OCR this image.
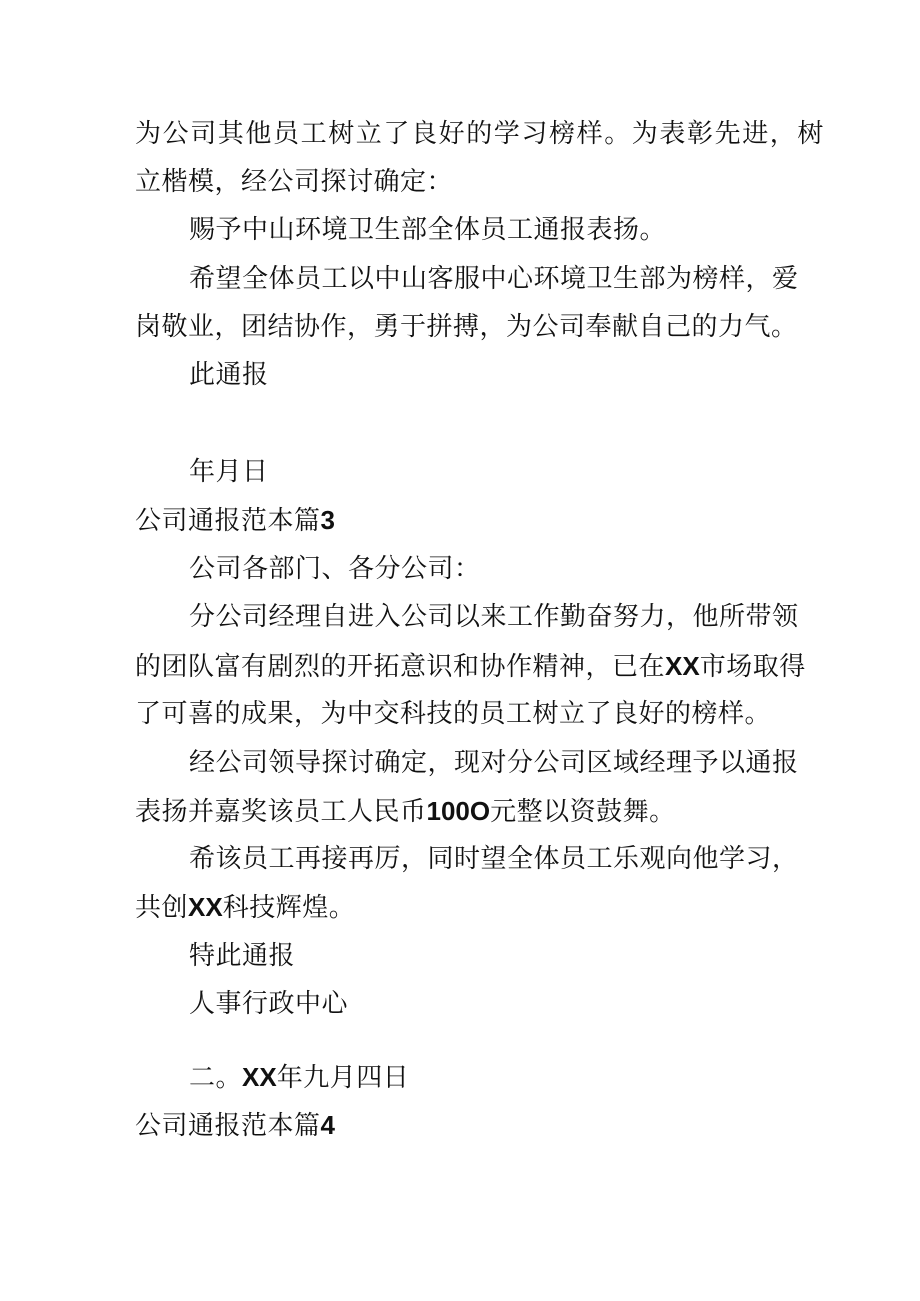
为公司其他员工树立了良好的学习榜样。为表彰先进，树
立楷模，经公司探讨确定：
赐予中山环境卫生部全体员工通报表扬。
希望全体员工以中山客服中心环境卫生部为榜样，爱
岗敬业，团结协作，勇于拼搏，为公司奉献自己的力气。
此通报
年月日
公司通报范本篇3
公司各部门、各分公司：
分公司经理自进入公司以来工作勤奋努力，他所带领
的团队富有剧烈的开拓意识和协作精神，已在XX市场取得
了可喜的成果，为中交科技的员工树立了良好的榜样。
经公司领导探讨确定，现对分公司区域经理予以通报
表扬并嘉奖该员工人民币100O元整以资鼓舞。
希该员工再接再厉，同时望全体员工乐观向他学习，
共创XX科技辉煌。
特此通报
人事行政中心
二。XX年九月四日
公司通报范本篇4
